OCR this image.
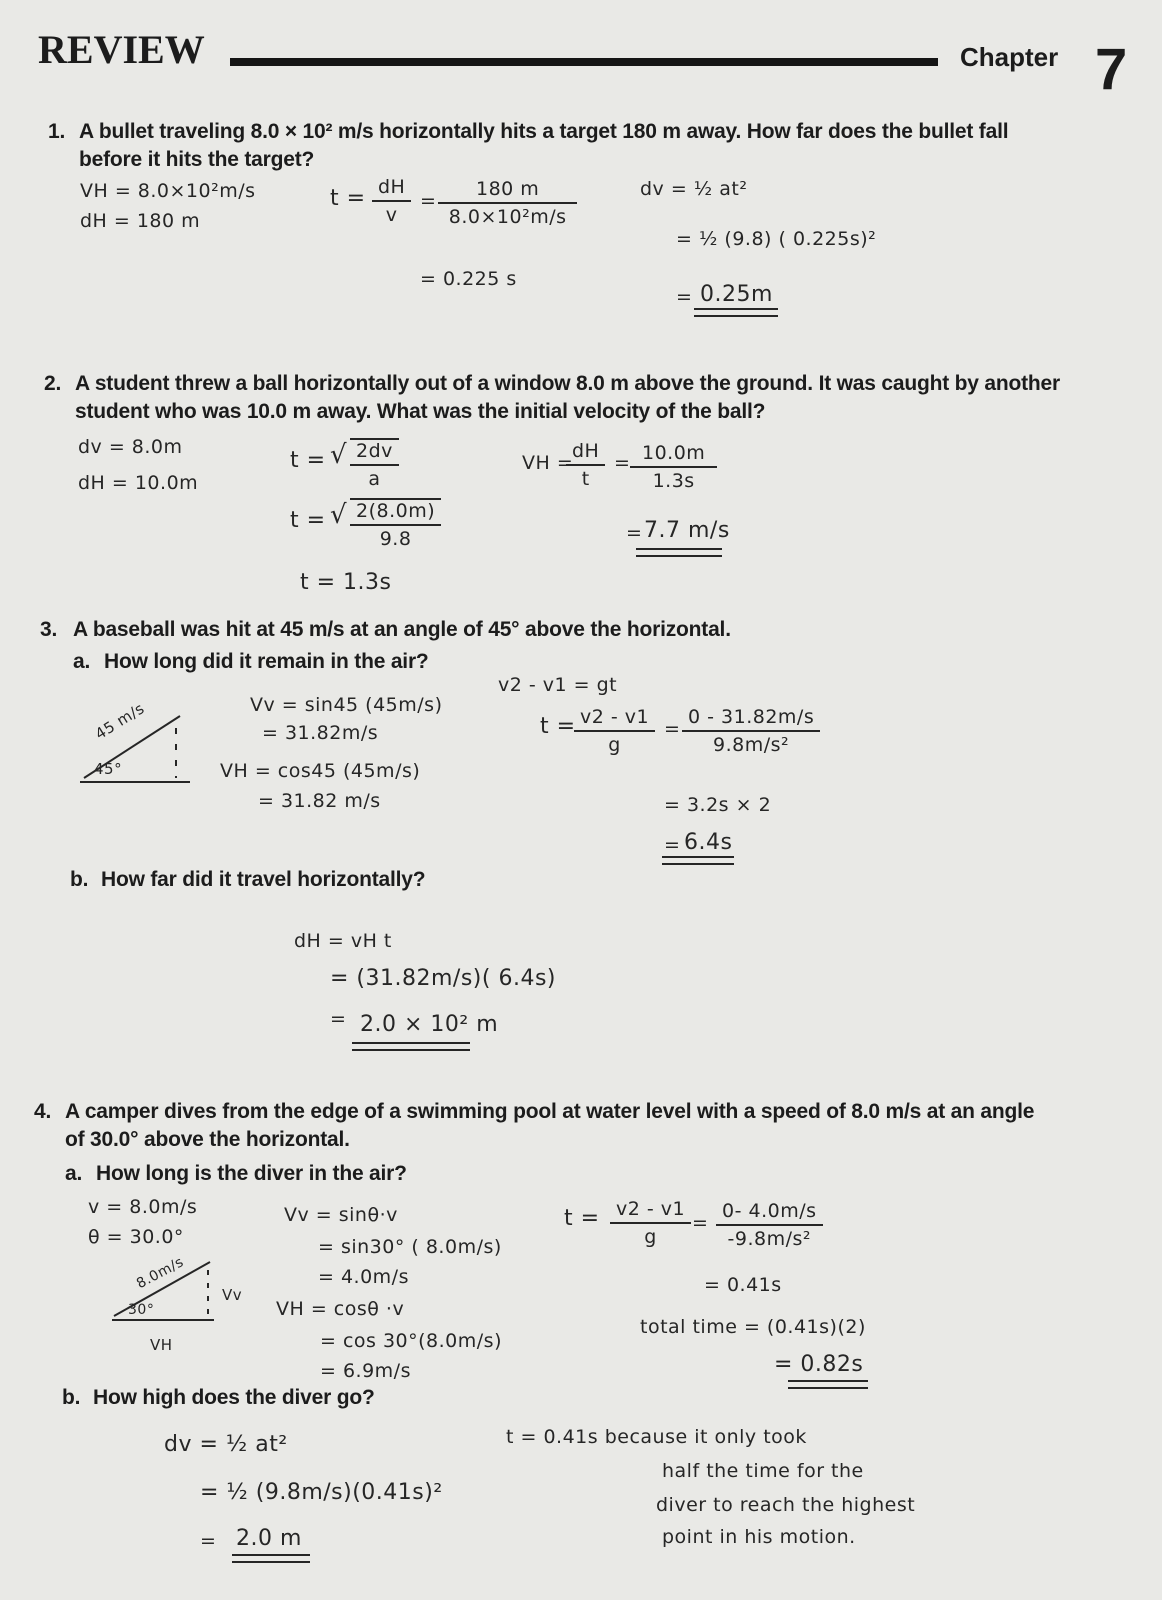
REVIEW	Chapter 7
1. A bullet traveling 8.0 × 10² m/s horizontally hits a target 180 m away. How far does the bullet fall
before it hits the target?
VH = 8.0×10²m/s
dH = 180 m
$t = \frac{dH}{v} = \frac{180 m}{\text{8.0×10²m/s}}$
= 0.225 s
dv = ½ at²
= ½ (9.8) ( 0.225s)²
= 0.25m
2. A student threw a ball horizontally out of a window 8.0 m above the ground. It was caught by another
student who was 10.0 m away. What was the initial velocity of the ball?
dv = 8.0m
dH = 10.0m
t = √ $\frac{2dv}{a}$
t = √ $\frac{2(8.0m)}{9.8}$
t = 1.3s
VH =
$\frac{dH}{t} = \frac{10.0m}{1.3s}$
= 7.7 m/s
3. A baseball was hit at 45 m/s at an angle of 45° above the horizontal.
a. How long did it remain in the air?
45 m/s
45°
Vv = sin45 (45m/s)
= 31.82m/s
VH = cos45 (45m/s)
= 31.82 m/s
v2 - v1 = gt
t =
$\frac{v2 - v1}{g} = \frac{0 - 31.82m/s}{\text{9.8m/s²}}$
= 3.2s × 2
= 6.4s
b. How far did it travel horizontally?
dH = vH t
= (31.82m/s)( 6.4s)
= 2.0 × 10² m
4. A camper dives from the edge of a swimming pool at water level with a speed of 8.0 m/s at an angle
of 30.0° above the horizontal.
a. How long is the diver in the air?
v = 8.0m/s
θ = 30.0°
8.0m/s
30°
Vv
VH
Vv = sinθ·v
= sin30° ( 8.0m/s)
= 4.0m/s
VH = cosθ ·v
= cos 30°(8.0m/s)
= 6.9m/s
$t = \frac{v2 - v1}{g} = \frac{0- 4.0m/s}{\text{-9.8m/s²}}$
= 0.41s
total time = (0.41s)(2)
= 0.82s
b. How high does the diver go?
dv = ½ at²
= ½ (9.8m/s)(0.41s)²
= 2.0 m
t = 0.41s because it only took
half the time for the
diver to reach the highest
point in his motion.
